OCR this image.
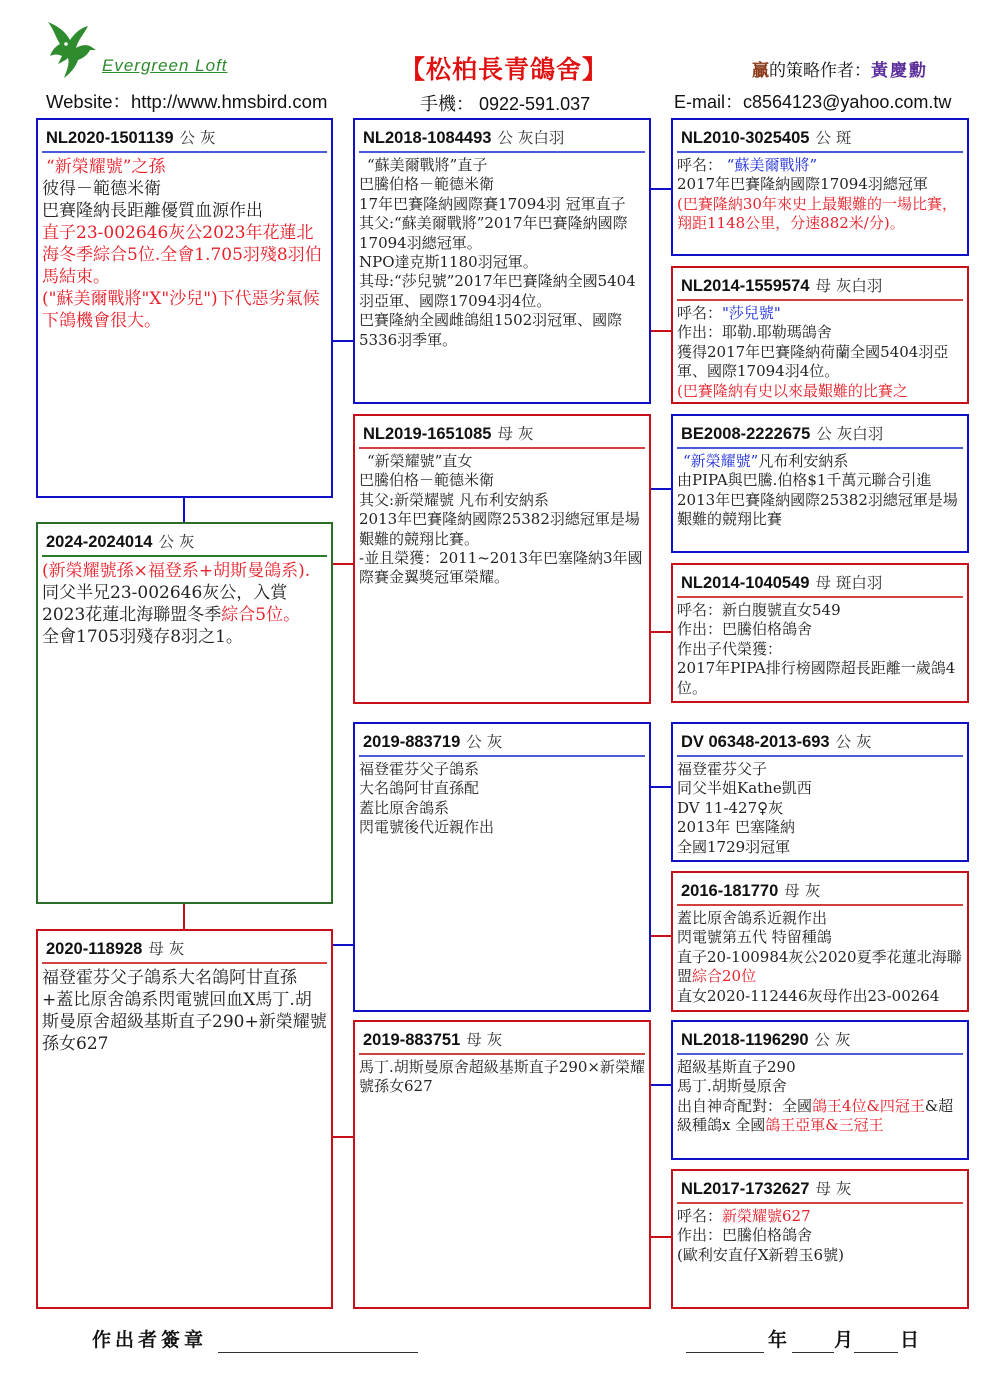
Evergreen Loft
Website：http://www.hmsbird.com
【松柏長青鴿舍】
手機： 0922-591.037
贏的策略作者：黃慶勳
E-mail：c8564123@yahoo.com.tw
NL2020-1501139 公 灰
“新榮耀號”之孫
彼得－範德米衛
巴賽隆納長距離優質血源作出
直子23-002646灰公2023年花蓮北海冬季綜合5位.全會1.705羽殘8羽伯馬結束。
("蘇美爾戰將"X"沙兒")下代惡劣氣候下鴿機會很大。
2024-2024014 公 灰
(新榮耀號孫×福登系+胡斯曼鴿系).
同父半兄23-002646灰公，入賞2023花蓮北海聯盟冬季綜合5位。
全會1705羽殘存8羽之1。
2020-118928 母 灰
福登霍芬父子鴿系大名鴿阿甘直孫+蓋比原舍鴿系閃電號回血X馬丁.胡斯曼原舍超級基斯直子290+新榮耀號孫女627
NL2018-1084493 公 灰白羽
“蘇美爾戰將”直子
巴騰伯格－範德米衛
17年巴賽隆納國際賽17094羽 冠軍直子
其父:“蘇美爾戰將”2017年巴賽隆納國際17094羽總冠軍。
NPO達克斯1180羽冠軍。
其母:“莎兒號”2017年巴賽隆納全國5404羽亞軍、國際17094羽4位。
巴賽隆納全國雌鴿組1502羽冠軍、國際5336羽季軍。
NL2019-1651085 母 灰
“新榮耀號”直女
巴騰伯格－範德米衛
其父:新榮耀號 凡布利安納系
2013年巴賽隆納國際25382羽總冠軍是場艱難的競翔比賽。
-並且榮獲：2011~2013年巴塞隆納3年國際賽金翼獎冠軍榮耀。
2019-883719 公 灰
福登霍芬父子鴿系
大名鴿阿甘直孫配
蓋比原舍鴿系
閃電號後代近親作出
2019-883751 母 灰
馬丁.胡斯曼原舍超級基斯直子290×新榮耀號孫女627
NL2010-3025405 公 斑
呼名： “蘇美爾戰將”
2017年巴賽隆納國際17094羽總冠軍
(巴賽隆納30年來史上最艱難的一場比賽，翔距1148公里，分速882米/分)。
NL2014-1559574 母 灰白羽
呼名："莎兒號"
作出：耶勒.耶勒瑪鴿舍
獲得2017年巴賽隆納荷蘭全國5404羽亞軍、國際17094羽4位。
(巴賽隆納有史以來最艱難的比賽之
BE2008-2222675 公 灰白羽
“新榮耀號”凡布利安納系
由PIPA與巴騰.伯格$1千萬元聯合引進
2013年巴賽隆納國際25382羽總冠軍是場艱難的競翔比賽
NL2014-1040549 母 斑白羽
呼名：新白腹號直女549
作出：巴騰伯格鴿舍
作出子代榮獲：
2017年PIPA排行榜國際超長距離一歲鴿4位。
DV 06348-2013-693 公 灰
福登霍芬父子
同父半姐Kathe凱西
DV 11-427♀灰
2013年 巴塞隆納
全國1729羽冠軍
2016-181770 母 灰
蓋比原舍鴿系近親作出
閃電號第五代 特留種鴿
直子20-100984灰公2020夏季花蓮北海聯盟綜合20位
直女2020-112446灰母作出23-00264
NL2018-1196290 公 灰
超級基斯直子290
馬丁.胡斯曼原舍
出自神奇配對：全國鴿王4位&四冠王&超級種鴿x 全國鴿王亞軍&三冠王
NL2017-1732627 母 灰
呼名：新榮耀號627
作出：巴騰伯格鴿舍
(歐利安直仔X新碧玉6號)
作出者簽章	年 月 日
